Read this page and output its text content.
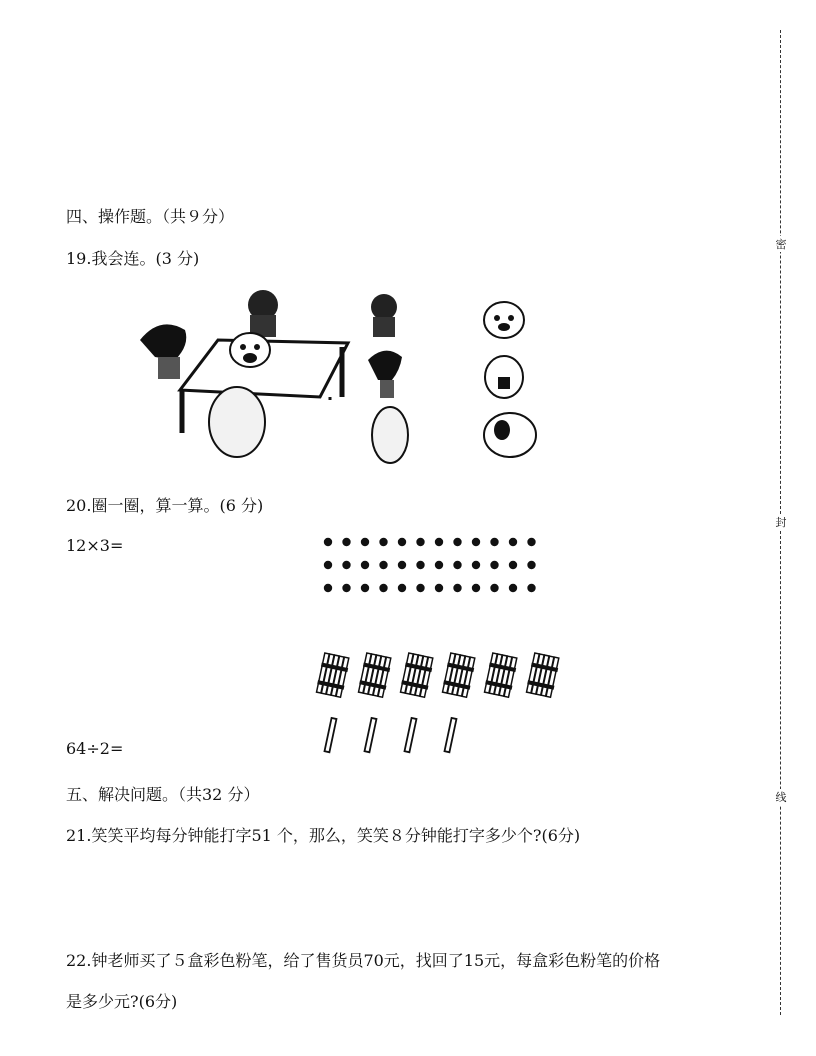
四、操作题。（共９分）
19.我会连。(3 分)
20.圈一圈，算一算。(6 分)
12×3=
64÷2=
五、解决问题。（共32 分）
21.笑笑平均每分钟能打字51 个，那么，笑笑８分钟能打字多少个?(6分)
22.钟老师买了５盒彩色粉笔，给了售货员70元，找回了15元，每盒彩色粉笔的价格
是多少元?(6分)
密
封
线
